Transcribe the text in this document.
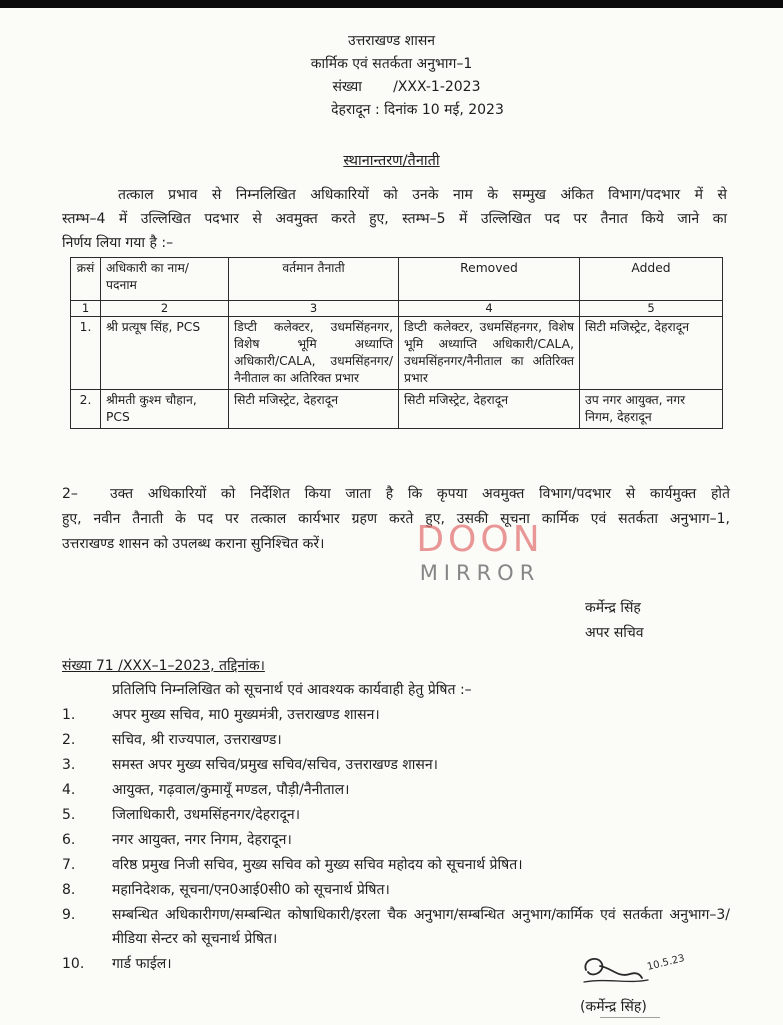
उत्तराखण्ड शासन
कार्मिक एवं सतर्कता अनुभाग–1
संख्या /XXX-1-2023
देहरादून : दिनांक 10 मई, 2023
स्थानान्तरण/तैनाती
तत्काल प्रभाव से निम्नलिखित अधिकारियों को उनके नाम के सम्मुख अंकित विभाग/पदभार में से
स्तम्भ–4 में उल्लिखित पदभार से अवमुक्त करते हुए, स्तम्भ–5 में उल्लिखित पद पर तैनात किये जाने का
निर्णय लिया गया है :–
क्रसं	अधिकारी का नाम/ पदनाम	वर्तमान तैनाती	Removed	Added
1	2	3	4	5
1.	श्री प्रत्यूष सिंह, PCS	डिप्टी कलेक्टर, उधमसिंहनगर, विशेष भूमि अध्याप्ति अधिकारी/CALA, उधमसिंहनगर/नैनीताल का अतिरिक्त प्रभार	डिप्टी कलेक्टर, उधमसिंहनगर, विशेष भूमि अध्याप्ति अधिकारी/CALA, उधमसिंहनगर/नैनीताल का अतिरिक्त प्रभार	सिटी मजिस्ट्रेट, देहरादून
2.	श्रीमती कुश्म चौहान, PCS	सिटी मजिस्ट्रेट, देहरादून	सिटी मजिस्ट्रेट, देहरादून	उप नगर आयुक्त, नगर निगम, देहरादून
2– उक्त अधिकारियों को निर्देशित किया जाता है कि कृपया अवमुक्त विभाग/पदभार से कार्यमुक्त होते
हुए, नवीन तैनाती के पद पर तत्काल कार्यभार ग्रहण करते हुए, उसकी सूचना कार्मिक एवं सतर्कता अनुभाग–1,
उत्तराखण्ड शासन को उपलब्ध कराना सुनिश्चित करें।	DOON
MIRROR
कर्मेन्द्र सिंह
अपर सचिव
संख्या 71 /XXX–1–2023, तद्दिनांक।
प्रतिलिपि निम्नलिखित को सूचनार्थ एवं आवश्यक कार्यवाही हेतु प्रेषित :–
1.	अपर मुख्य सचिव, मा0 मुख्यमंत्री, उत्तराखण्ड शासन।
2.	सचिव, श्री राज्यपाल, उत्तराखण्ड।
3.	समस्त अपर मुख्य सचिव/प्रमुख सचिव/सचिव, उत्तराखण्ड शासन।
4.	आयुक्त, गढ़वाल/कुमायूँ मण्डल, पौड़ी/नैनीताल।
5.	जिलाधिकारी, उधमसिंहनगर/देहरादून।
6.	नगर आयुक्त, नगर निगम, देहरादून।
7.	वरिष्ठ प्रमुख निजी सचिव, मुख्य सचिव को मुख्य सचिव महोदय को सूचनार्थ प्रेषित।
8.	महानिदेशक, सूचना/एन0आई0सी0 को सूचनार्थ प्रेषित।
9.	सम्बन्धित अधिकारीगण/सम्बन्धित कोषाधिकारी/इरला चैक अनुभाग/सम्बन्धित अनुभाग/कार्मिक एवं सतर्कता अनुभाग–3/मीडिया सेन्टर को सूचनार्थ प्रेषित।
10.	गार्ड फाईल।	10.5.23
(कर्मेन्द्र सिंह)
